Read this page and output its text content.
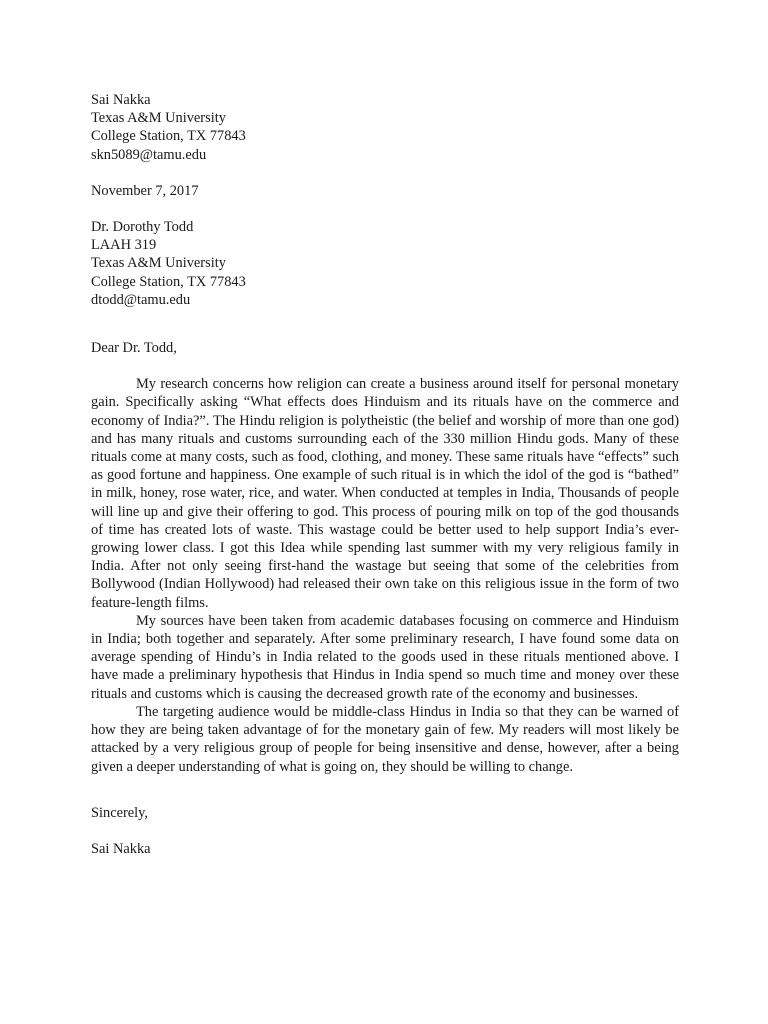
Sai Nakka
Texas A&M University
College Station, TX 77843
skn5089@tamu.edu
November 7, 2017
Dr. Dorothy Todd
LAAH 319
Texas A&M University
College Station, TX 77843
dtodd@tamu.edu
Dear Dr. Todd,

My research concerns how religion can create a business around itself for personal monetary gain. Specifically asking “What effects does Hinduism and its rituals have on the commerce and economy of India?”. The Hindu religion is polytheistic (the belief and worship of more than one god) and has many rituals and customs surrounding each of the 330 million Hindu gods. Many of these rituals come at many costs, such as food, clothing, and money. These same rituals have “effects” such as good fortune and happiness. One example of such ritual is in which the idol of the god is “bathed” in milk, honey, rose water, rice, and water. When conducted at temples in India, Thousands of people will line up and give their offering to god. This process of pouring milk on top of the god thousands of time has created lots of waste. This wastage could be better used to help support India’s ever-growing lower class. I got this Idea while spending last summer with my very religious family in India. After not only seeing first-hand the wastage but seeing that some of the celebrities from Bollywood (Indian Hollywood) had released their own take on this religious issue in the form of two feature-length films.

My sources have been taken from academic databases focusing on commerce and Hinduism in India; both together and separately. After some preliminary research, I have found some data on average spending of Hindu’s in India related to the goods used in these rituals mentioned above. I have made a preliminary hypothesis that Hindus in India spend so much time and money over these rituals and customs which is causing the decreased growth rate of the economy and businesses.

The targeting audience would be middle-class Hindus in India so that they can be warned of how they are being taken advantage of for the monetary gain of few. My readers will most likely be attacked by a very religious group of people for being insensitive and dense, however, after a being given a deeper understanding of what is going on, they should be willing to change.

Sincerely,
Sai Nakka
